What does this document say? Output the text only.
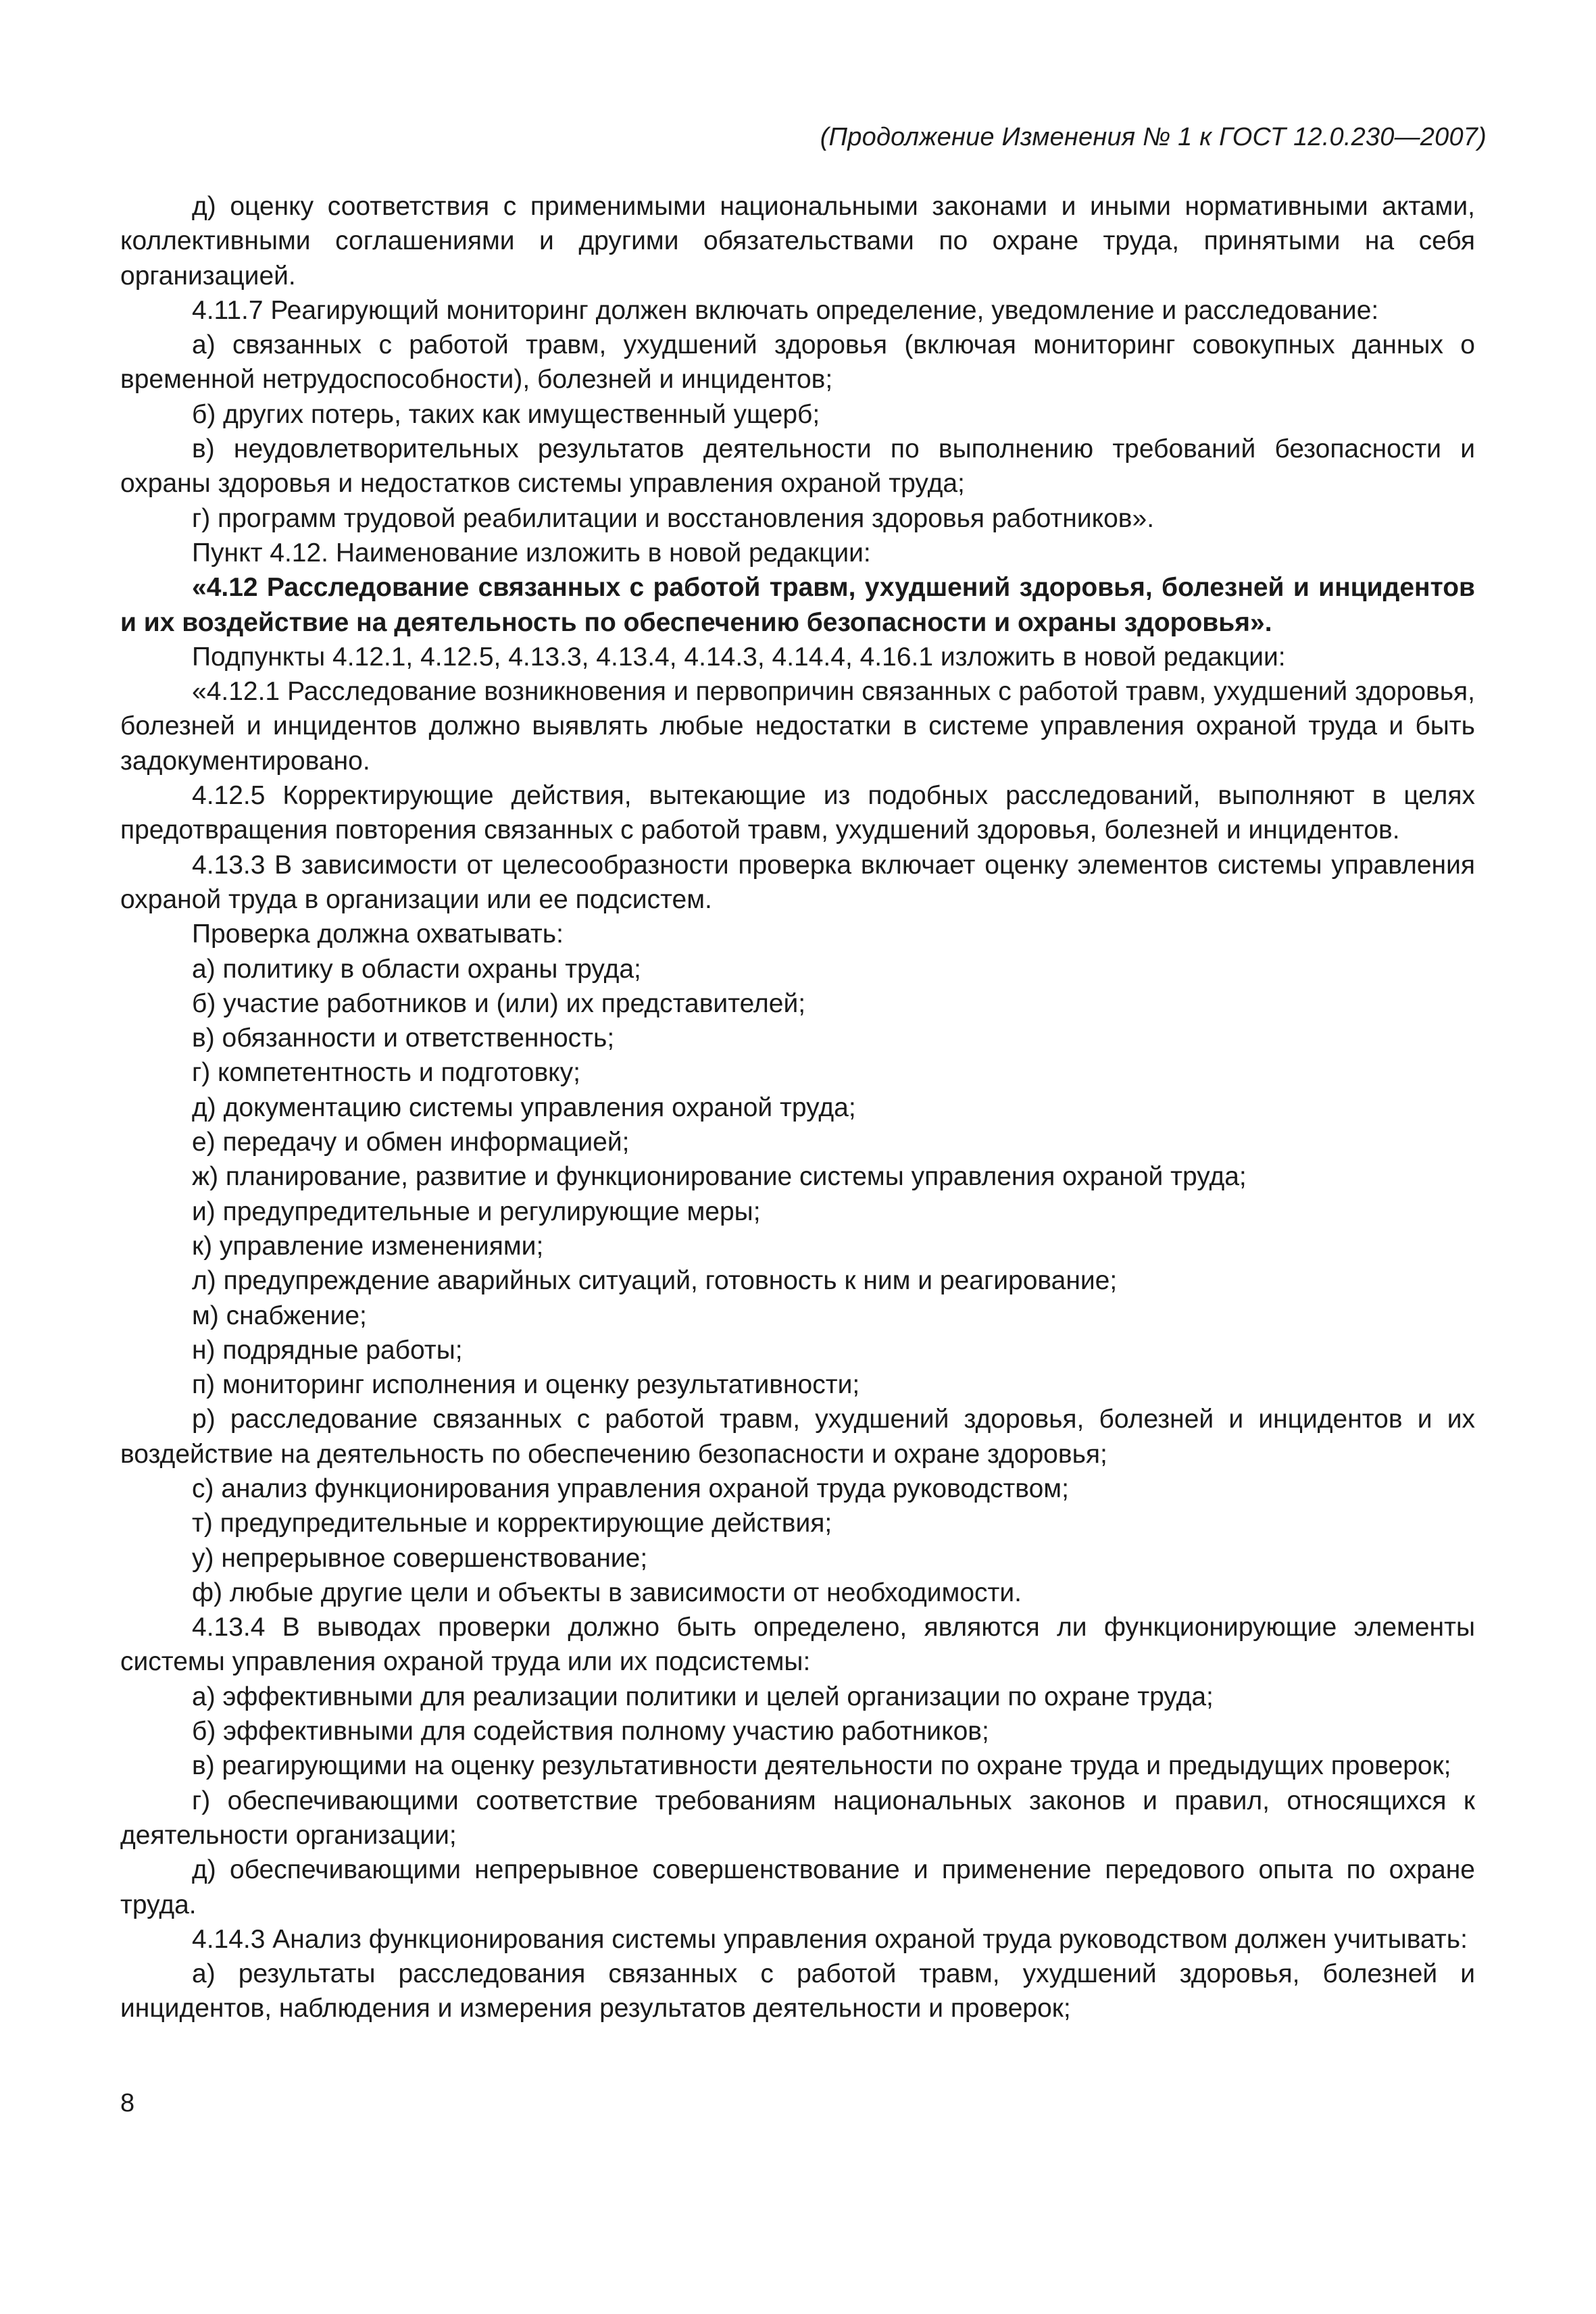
(Продолжение Изменения № 1 к ГОСТ 12.0.230—2007)

д) оценку соответствия с применимыми национальными законами и иными нормативными актами, коллективными соглашениями и другими обязательствами по охране труда, принятыми на себя организацией.

4.11.7 Реагирующий мониторинг должен включать определение, уведомление и расследование:

а) связанных с работой травм, ухудшений здоровья (включая мониторинг совокупных данных о временной нетрудоспособности), болезней и инцидентов;

б) других потерь, таких как имущественный ущерб;

в) неудовлетворительных результатов деятельности по выполнению требований безопасности и охраны здоровья и недостатков системы управления охраной труда;

г) программ трудовой реабилитации и восстановления здоровья работников».

Пункт 4.12. Наименование изложить в новой редакции:

«4.12 Расследование связанных с работой травм, ухудшений здоровья, болезней и инцидентов и их воздействие на деятельность по обеспечению безопасности и охраны здоровья».

Подпункты 4.12.1, 4.12.5, 4.13.3, 4.13.4, 4.14.3, 4.14.4, 4.16.1 изложить в новой редакции:

«4.12.1 Расследование возникновения и первопричин связанных с работой травм, ухудшений здоровья, болезней и инцидентов должно выявлять любые недостатки в системе управления охраной труда и быть задокументировано.

4.12.5 Корректирующие действия, вытекающие из подобных расследований, выполняют в целях предотвращения повторения связанных с работой травм, ухудшений здоровья, болезней и инцидентов.

4.13.3 В зависимости от целесообразности проверка включает оценку элементов системы управления охраной труда в организации или ее подсистем.

Проверка должна охватывать:

а) политику в области охраны труда;

б) участие работников и (или) их представителей;

в) обязанности и ответственность;

г) компетентность и подготовку;

д) документацию системы управления охраной труда;

е) передачу и обмен информацией;

ж) планирование, развитие и функционирование системы управления охраной труда;

и) предупредительные и регулирующие меры;

к) управление изменениями;

л) предупреждение аварийных ситуаций, готовность к ним и реагирование;

м) снабжение;

н) подрядные работы;

п) мониторинг исполнения и оценку результативности;

р) расследование связанных с работой травм, ухудшений здоровья, болезней и инцидентов и их воздействие на деятельность по обеспечению безопасности и охране здоровья;

с) анализ функционирования управления охраной труда руководством;

т) предупредительные и корректирующие действия;

у) непрерывное совершенствование;

ф) любые другие цели и объекты в зависимости от необходимости.

4.13.4 В выводах проверки должно быть определено, являются ли функционирующие элементы системы управления охраной труда или их подсистемы:

а) эффективными для реализации политики и целей организации по охране труда;

б) эффективными для содействия полному участию работников;

в) реагирующими на оценку результативности деятельности по охране труда и предыдущих проверок;

г) обеспечивающими соответствие требованиям национальных законов и правил, относящихся к деятельности организации;

д) обеспечивающими непрерывное совершенствование и применение передового опыта по охране труда.

4.14.3 Анализ функционирования системы управления охраной труда руководством должен учитывать:

а) результаты расследования связанных с работой травм, ухудшений здоровья, болезней и инцидентов, наблюдения и измерения результатов деятельности и проверок;

8
